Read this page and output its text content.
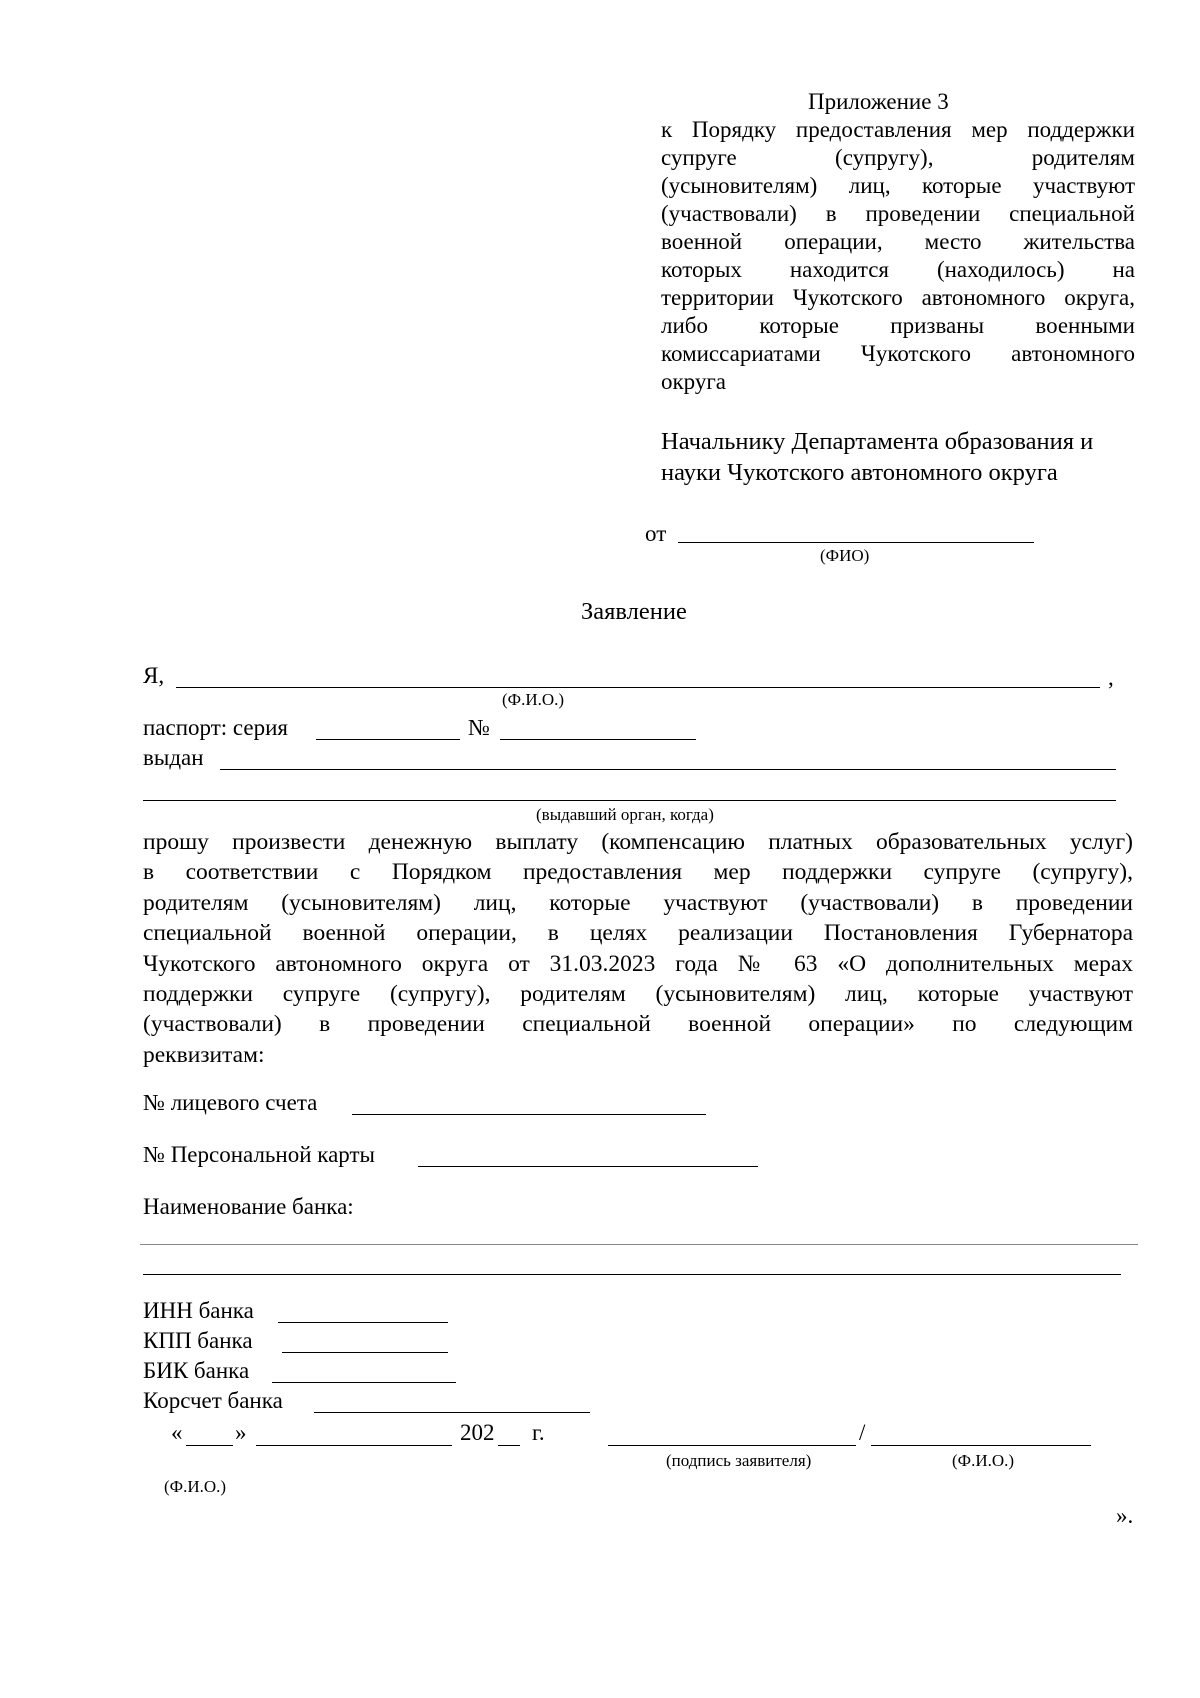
Приложение 3
к Порядку предоставления мер поддержки
супруге (супругу), родителям
(усыновителям) лиц, которые участвуют
(участвовали) в проведении специальной
военной операции, место жительства
которых находится (находилось) на
территории Чукотского автономного округа,
либо которые призваны военными
комиссариатами Чукотского автономного
округа
Начальнику Департамента образования и
науки Чукотского автономного округа
от
(ФИО)
Заявление
Я,	,
(Ф.И.О.)
паспорт: серия	№
выдан
(выдавший орган, когда)
прошу произвести денежную выплату (компенсацию платных образовательных услуг)
в соответствии с Порядком предоставления мер поддержки супруге (супругу),
родителям (усыновителям) лиц, которые участвуют (участвовали) в проведении
специальной военной операции, в целях реализации Постановления Губернатора
Чукотского автономного округа от 31.03.2023 года № 63 «О дополнительных мерах
поддержки супруге (супругу), родителям (усыновителям) лиц, которые участвуют
(участвовали) в проведении специальной военной операции» по следующим
реквизитам:
№ лицевого счета
№ Персональной карты
Наименование банка:
ИНН банка
КПП банка
БИК банка
Корсчет банка
« »	202 г.	/
(подпись заявителя)	(Ф.И.О.)
(Ф.И.О.)
».
